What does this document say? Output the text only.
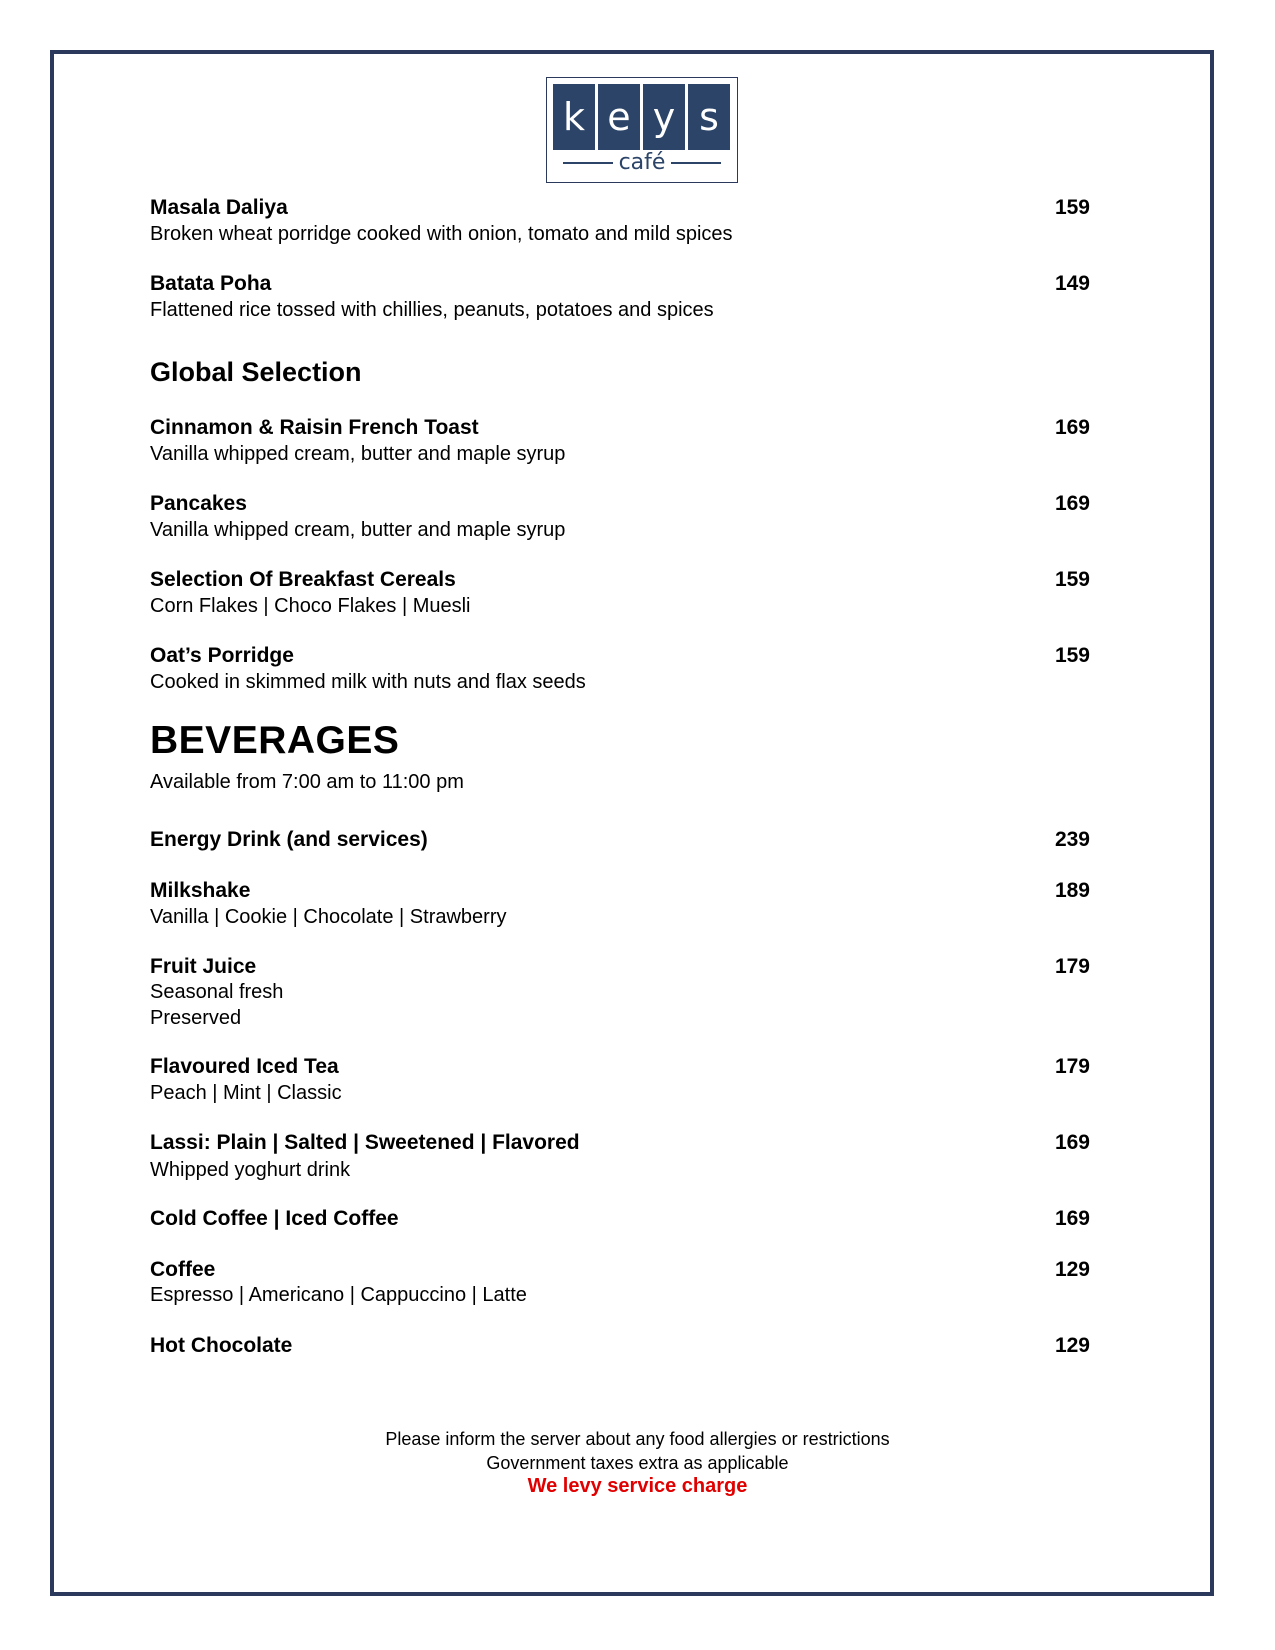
k e y s
café
Masala Daliya	159
Broken wheat porridge cooked with onion, tomato and mild spices
Batata Poha	149
Flattened rice tossed with chillies, peanuts, potatoes and spices
Global Selection
Cinnamon & Raisin French Toast	169
Vanilla whipped cream, butter and maple syrup
Pancakes	169
Vanilla whipped cream, butter and maple syrup
Selection Of Breakfast Cereals	159
Corn Flakes | Choco Flakes | Muesli
Oat’s Porridge	159
Cooked in skimmed milk with nuts and flax seeds
BEVERAGES
Available from 7:00 am to 11:00 pm
Energy Drink (and services)	239
Milkshake	189
Vanilla | Cookie | Chocolate | Strawberry
Fruit Juice	179
Seasonal fresh
Preserved
Flavoured Iced Tea	179
Peach | Mint | Classic
Lassi: Plain | Salted | Sweetened | Flavored	169
Whipped yoghurt drink
Cold Coffee | Iced Coffee	169
Coffee	129
Espresso | Americano | Cappuccino | Latte
Hot Chocolate	129
Please inform the server about any food allergies or restrictions
Government taxes extra as applicable
We levy service charge
